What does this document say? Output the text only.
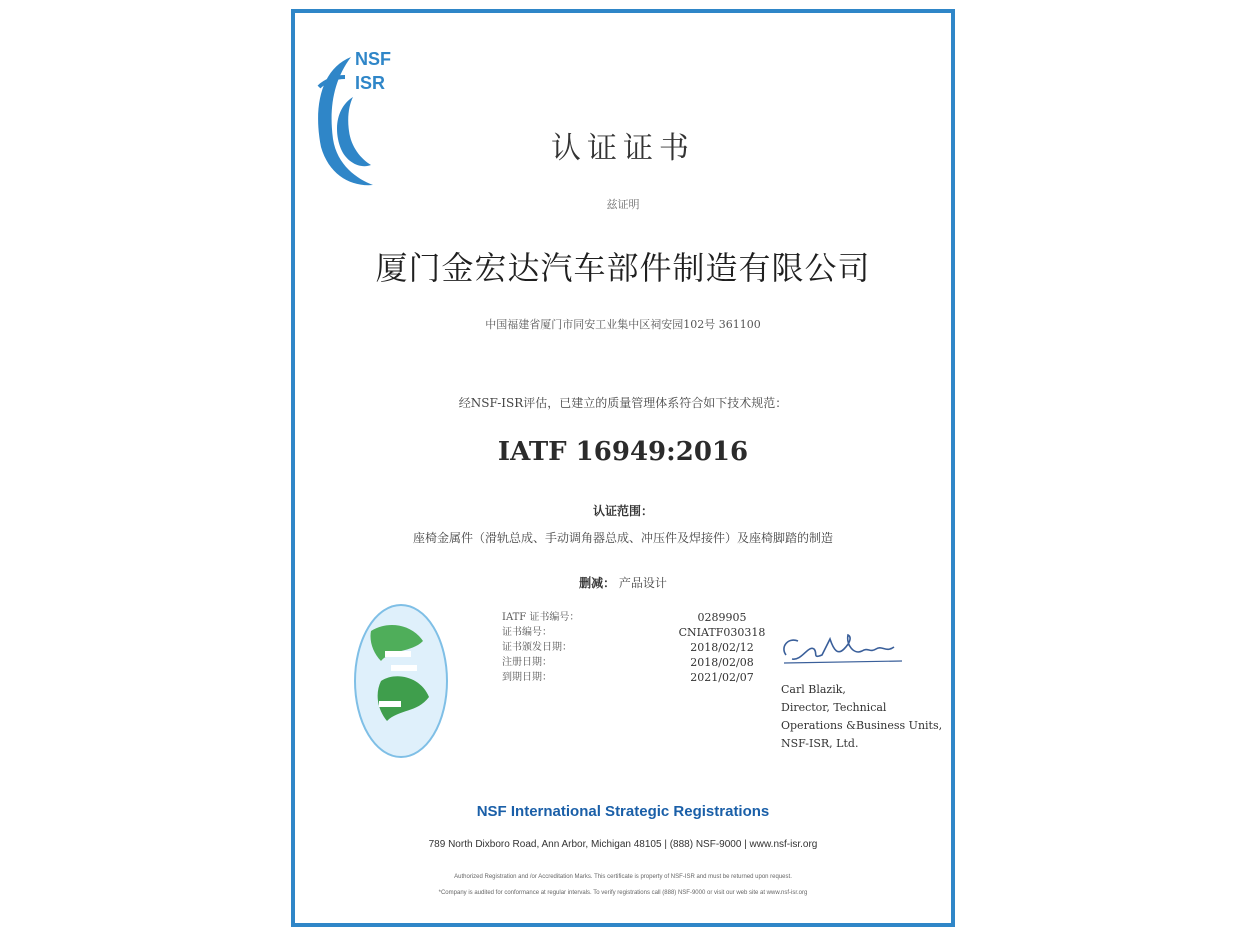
NSF
ISR
认证证书
兹证明
厦门金宏达汽车部件制造有限公司
中国福建省厦门市同安工业集中区祠安园102号 361100
经NSF-ISR评估，已建立的质量管理体系符合如下技术规范：
IATF 16949:2016
认证范围：
座椅金属件（滑轨总成、手动调角器总成、冲压件及焊接件）及座椅脚踏的制造
删减： 产品设计
IATF 证书编号：	0289905
证书编号：	CNIATF030318
证书颁发日期：	2018/02/12
注册日期：	2018/02/08
到期日期：	2021/02/07
Carl Blazik,
Director, Technical
Operations &Business Units,
NSF-ISR, Ltd.
NSF International Strategic Registrations
789 North Dixboro Road, Ann Arbor, Michigan 48105 | (888) NSF-9000 | www.nsf-isr.org
Authorized Registration and /or Accreditation Marks. This certificate is property of NSF-ISR and must be returned upon request.
*Company is audited for conformance at regular intervals. To verify registrations call (888) NSF-9000 or visit our web site at www.nsf-isr.org
